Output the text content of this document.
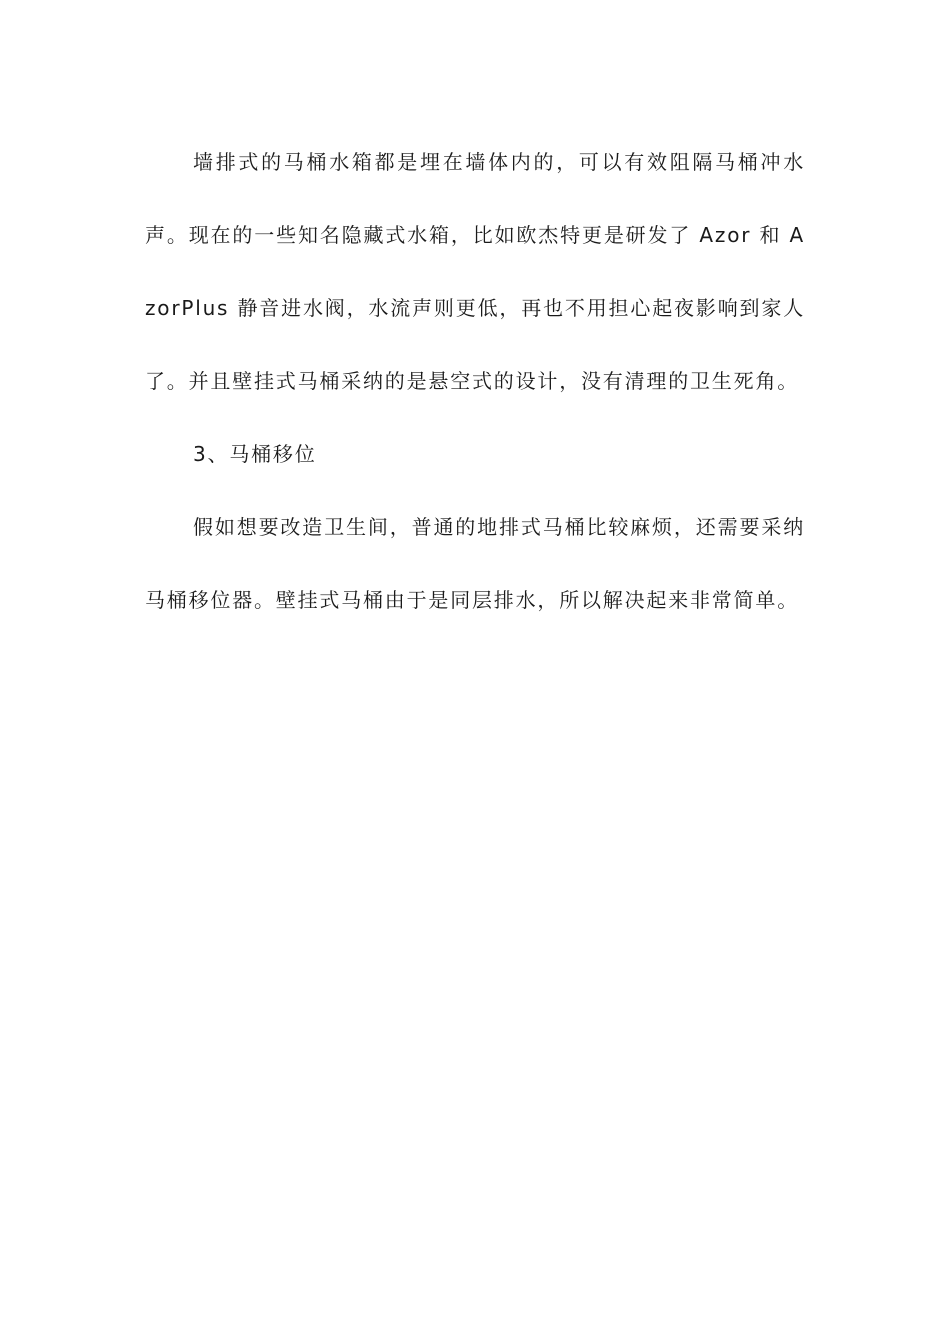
墙排式的马桶水箱都是埋在墙体内的，可以有效阻隔马桶冲水声。现在的一些知名隐藏式水箱，比如欧杰特更是研发了 Azor 和 AzorPlus 静音进水阀，水流声则更低，再也不用担心起夜影响到家人了。并且壁挂式马桶采纳的是悬空式的设计，没有清理的卫生死角。

3、马桶移位

假如想要改造卫生间，普通的地排式马桶比较麻烦，还需要采纳马桶移位器。壁挂式马桶由于是同层排水，所以解决起来非常简单。
